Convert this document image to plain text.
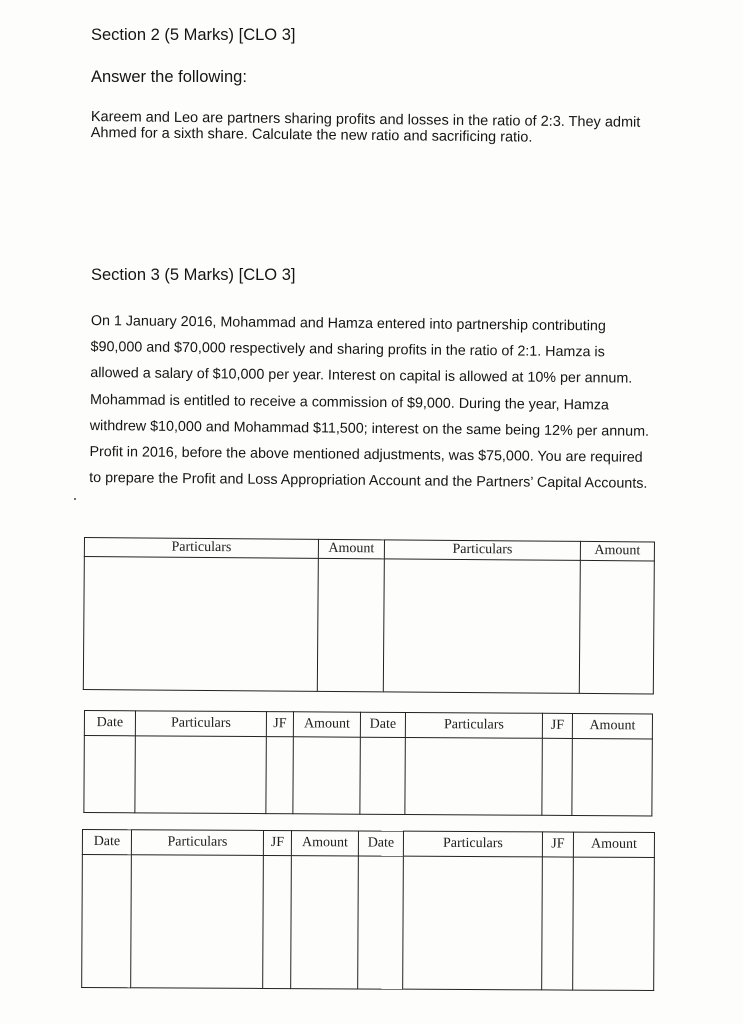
Section 2 (5 Marks) [CLO 3]
Answer the following:
Kareem and Leo are partners sharing profits and losses in the ratio of 2:3. They admit Ahmed for a sixth share. Calculate the new ratio and sacrificing ratio.
Section 3 (5 Marks) [CLO 3]
On 1 January 2016, Mohammad and Hamza entered into partnership contributing $90,000 and $70,000 respectively and sharing profits in the ratio of 2:1. Hamza is allowed a salary of $10,000 per year. Interest on capital is allowed at 10% per annum. Mohammad is entitled to receive a commission of $9,000. During the year, Hamza withdrew $10,000 and Mohammad $11,500; interest on the same being 12% per annum. Profit in 2016, before the above mentioned adjustments, was $75,000. You are required to prepare the Profit and Loss Appropriation Account and the Partners’ Capital Accounts.
Particulars	Amount	Particulars	Amount

Date	Particulars	JF	Amount	Date	Particulars	JF	Amount

Date	Particulars	JF	Amount	Date	Particulars	JF	Amount
